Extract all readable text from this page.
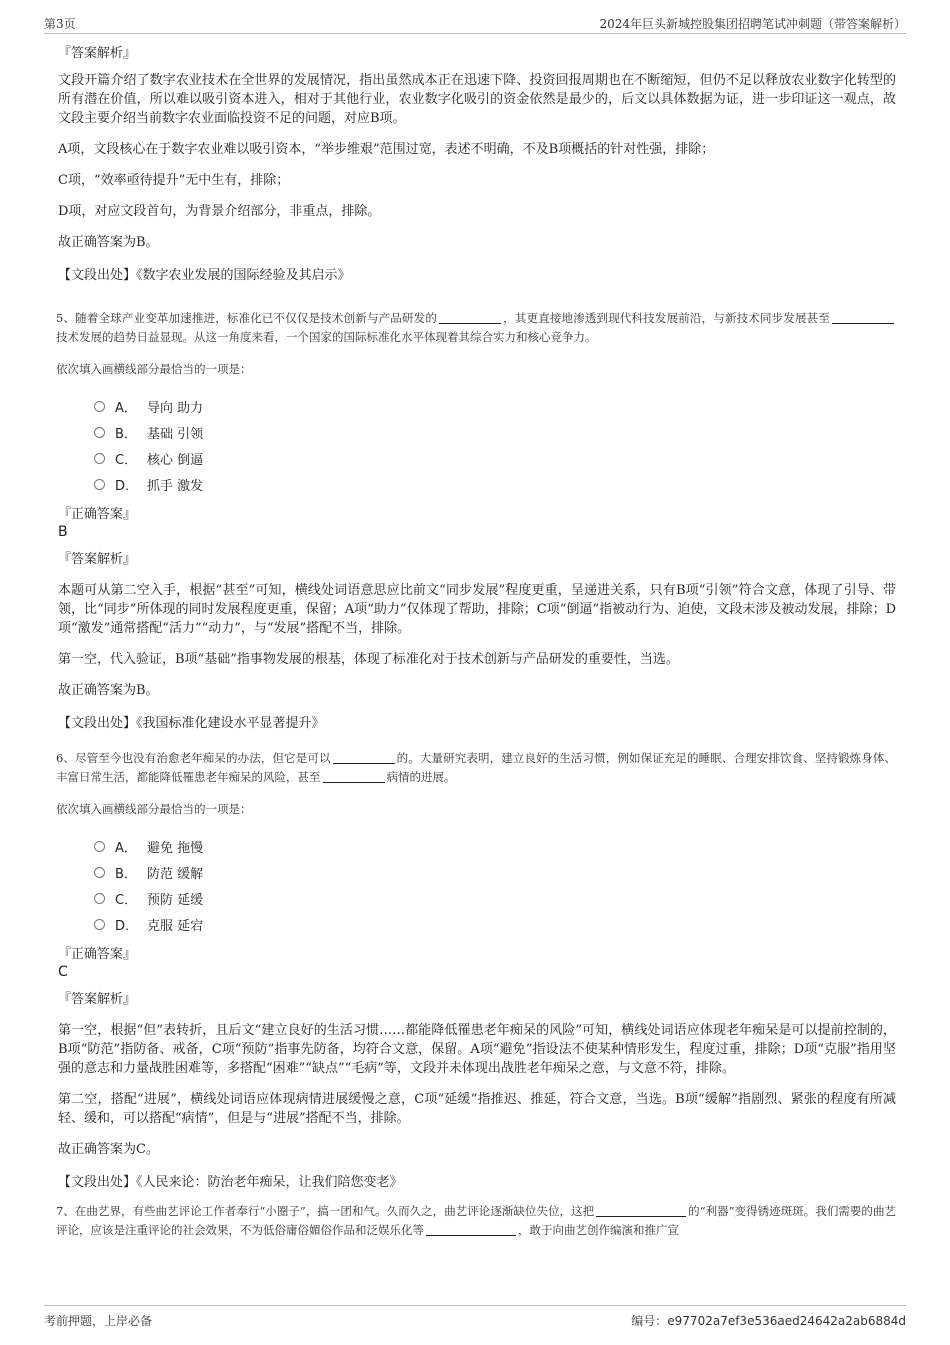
第3页	2024年巨头新城控股集团招聘笔试冲刺题（带答案解析）
『答案解析』
文段开篇介绍了数字农业技术在全世界的发展情况，指出虽然成本正在迅速下降、投资回报周期也在不断缩短，但仍不足以释放农业数字化转型的所有潜在价值，所以难以吸引资本进入，相对于其他行业，农业数字化吸引的资金依然是最少的，后文以具体数据为证，进一步印证这一观点，故文段主要介绍当前数字农业面临投资不足的问题，对应B项。
A项，文段核心在于数字农业难以吸引资本，“举步维艰”范围过宽，表述不明确，不及B项概括的针对性强，排除；
C项，“效率亟待提升”无中生有，排除；
D项，对应文段首句，为背景介绍部分，非重点，排除。
故正确答案为B。
【文段出处】《数字农业发展的国际经验及其启示》
5、随着全球产业变革加速推进，标准化已不仅仅是技术创新与产品研发的	，其更直接地渗透到现代科技发展前沿，与新技术同步发展甚至技术发展的趋势日益显现。从这一角度来看，一个国家的国际标准化水平体现着其综合实力和核心竞争力。
依次填入画横线部分最恰当的一项是：
A． 导向 助力
B． 基础 引领
C． 核心 倒逼
D． 抓手 激发
『正确答案』
B
『答案解析』
本题可从第二空入手，根据“甚至”可知，横线处词语意思应比前文“同步发展”程度更重，呈递进关系，只有B项“引领”符合文意，体现了引导、带领，比“同步”所体现的同时发展程度更重，保留；A项“助力”仅体现了帮助，排除；C项“倒逼”指被动行为、迫使，文段未涉及被动发展，排除；D项“激发”通常搭配“活力”“动力”，与“发展”搭配不当，排除。
第一空，代入验证，B项“基础”指事物发展的根基，体现了标准化对于技术创新与产品研发的重要性，当选。
故正确答案为B。
【文段出处】《我国标准化建设水平显著提升》
6、尽管至今也没有治愈老年痴呆的办法，但它是可以	的。大量研究表明，建立良好的生活习惯，例如保证充足的睡眠、合理安排饮食、坚持锻炼身体、丰富日常生活，都能降低罹患老年痴呆的风险，甚至	病情的进展。
依次填入画横线部分最恰当的一项是：
A． 避免 拖慢
B． 防范 缓解
C． 预防 延缓
D． 克服 延宕
『正确答案』
C
『答案解析』
第一空，根据“但”表转折，且后文“建立良好的生活习惯……都能降低罹患老年痴呆的风险”可知，横线处词语应体现老年痴呆是可以提前控制的，B项“防范”指防备、戒备，C项“预防”指事先防备，均符合文意，保留。A项“避免”指设法不使某种情形发生，程度过重，排除；D项“克服”指用坚强的意志和力量战胜困难等，多搭配“困难”“缺点”“毛病”等，文段并未体现出战胜老年痴呆之意，与文意不符，排除。
第二空，搭配“进展”，横线处词语应体现病情进展缓慢之意，C项“延缓”指推迟、推延，符合文意，当选。B项“缓解”指剧烈、紧张的程度有所减轻、缓和，可以搭配“病情”，但是与“进展”搭配不当，排除。
故正确答案为C。
【文段出处】《人民来论：防治老年痴呆，让我们陪您变老》
7、在曲艺界，有些曲艺评论工作者奉行“小圈子”，搞一团和气。久而久之，曲艺评论逐渐缺位失位，这把	的“利器”变得锈迹斑斑。我们需要的曲艺评论，应该是注重评论的社会效果，不为低俗庸俗媚俗作品和泛娱乐化等	，敢于向曲艺创作编演和推广宣
考前押题，上岸必备	编号：e97702a7ef3e536aed24642a2ab6884d
